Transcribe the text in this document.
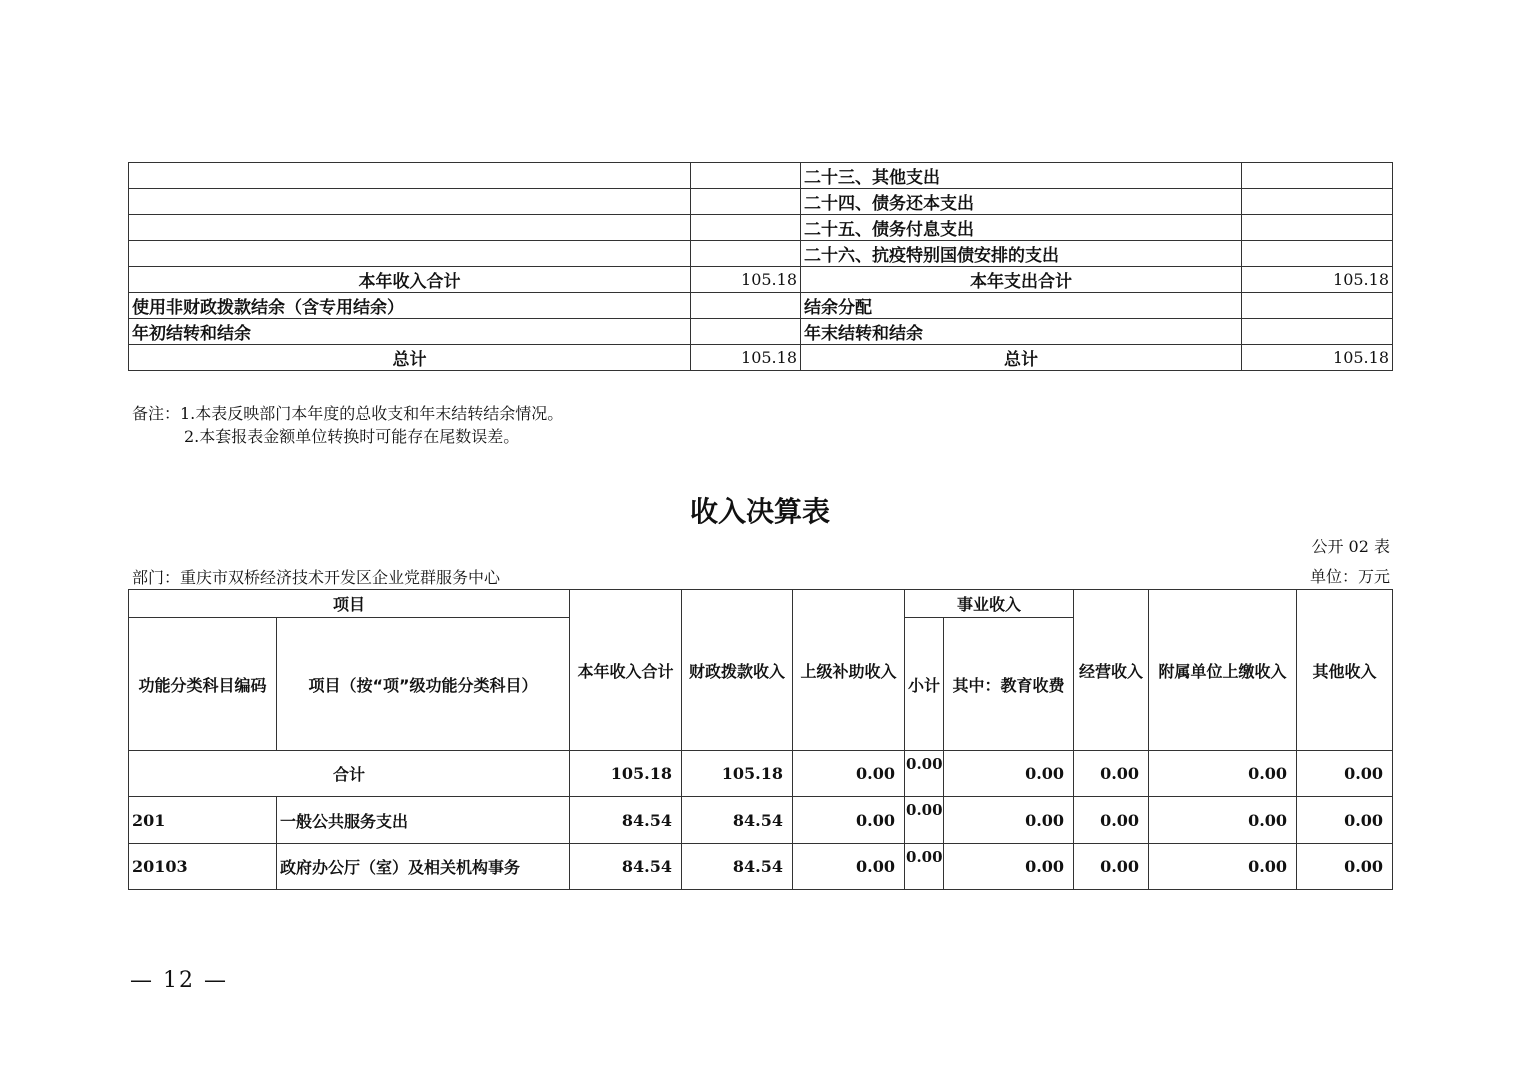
		二十三、其他支出	
		二十四、债务还本支出	
		二十五、债务付息支出	
		二十六、抗疫特别国债安排的支出	
本年收入合计	105.18	本年支出合计	105.18
使用非财政拨款结余（含专用结余）		结余分配	
年初结转和结余		年末结转和结余	
总计	105.18	总计	105.18
备注：1.本表反映部门本年度的总收支和年末结转结余情况。
2.本套报表金额单位转换时可能存在尾数误差。
收入决算表
公开 02 表
部门：重庆市双桥经济技术开发区企业党群服务中心	单位：万元
项目		本年收入合计	财政拨款收入	上级补助收入	事业收入		经营收入	附属单位上缴收入	其他收入
功能分类科目编码	项目（按“项”级功能分类科目）				小计	其中：教育收费			
合计		105.18	105.18	0.00	0.00	0.00	0.00	0.00	0.00
201	一般公共服务支出	84.54	84.54	0.00	0.00	0.00	0.00	0.00	0.00
20103	政府办公厅（室）及相关机构事务	84.54	84.54	0.00	0.00	0.00	0.00	0.00	0.00
— 12 —
